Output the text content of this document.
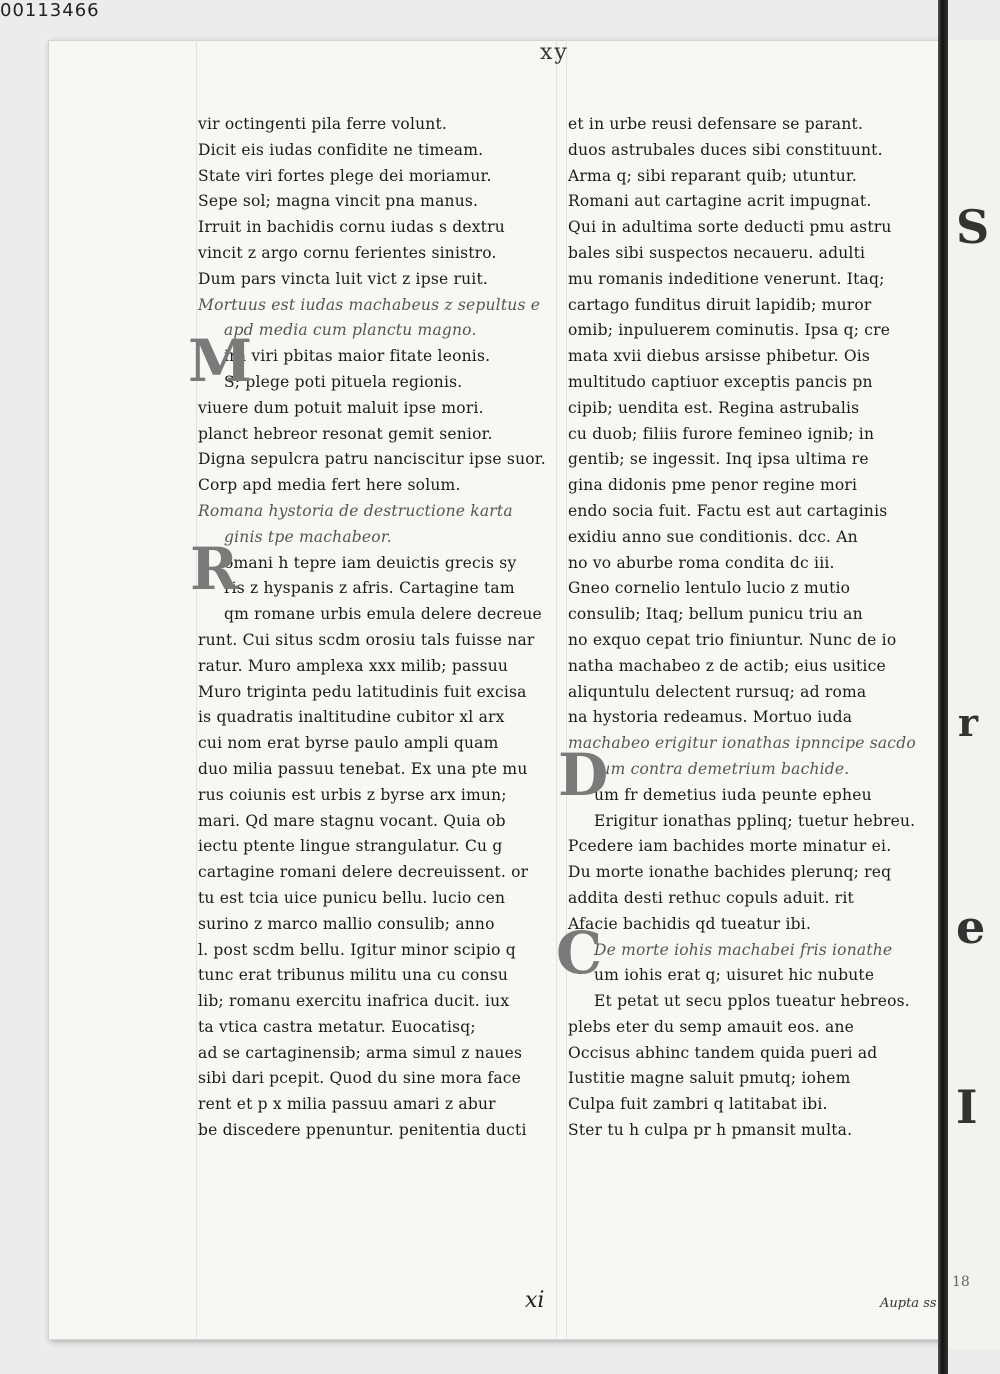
00113466
S
r
e
I
xy
xi	Aupta ss
18
vir octingenti pila ferre volunt.
Dicit eis iudas confidite ne timeam.
State viri fortes plege dei moriamur.
Sepe sol; magna vincit pna manus.
Irruit in bachidis cornu iudas s dextru
vincit z argo cornu ferientes sinistro.
Dum pars vincta luit vict z ipse ruit.
Mortuus est iudas machabeus z sepultus e
apd media cum planctu magno.
ira viri pbitas maior fitate leonis.
S; plege poti pituela regionis.
viuere dum potuit maluit ipse mori.
planct hebreor resonat gemit senior.
Digna sepulcra patru nanciscitur ipse suor.
Corp apd media fert here solum.
Romana hystoria de destructione karta
ginis tpe machabeor.
omani h tepre iam deuictis grecis sy
ris z hyspanis z afris. Cartagine tam
qm romane urbis emula delere decreue
runt. Cui situs scdm orosiu tals fuisse nar
ratur. Muro amplexa xxx milib; passuu
Muro triginta pedu latitudinis fuit excisa
is quadratis inaltitudine cubitor xl arx
cui nom erat byrse paulo ampli quam
duo milia passuu tenebat. Ex una pte mu
rus coiunis est urbis z byrse arx imun;
mari. Qd mare stagnu vocant. Quia ob
iectu ptente lingue strangulatur. Cu g
cartagine romani delere decreuissent. or
tu est tcia uice punicu bellu. lucio cen
surino z marco mallio consulib; anno
l. post scdm bellu. Igitur minor scipio q
tunc erat tribunus militu una cu consu
lib; romanu exercitu inafrica ducit. iux
ta vtica castra metatur. Euocatisq;
ad se cartaginensib; arma simul z naues
sibi dari pcepit. Quod du sine mora face
rent et p x milia passuu amari z abur
be discedere ppenuntur. penitentia ducti
et in urbe reusi defensare se parant.
duos astrubales duces sibi constituunt.
Arma q; sibi reparant quib; utuntur.
Romani aut cartagine acrit impugnat.
Qui in adultima sorte deducti pmu astru
bales sibi suspectos necaueru. adulti
mu romanis indeditione venerunt. Itaq;
cartago funditus diruit lapidib; muror
omib; inpuluerem cominutis. Ipsa q; cre
mata xvii diebus arsisse phibetur. Ois
multitudo captiuor exceptis pancis pn
cipib; uendita est. Regina astrubalis
cu duob; filiis furore femineo ignib; in
gentib; se ingessit. Inq ipsa ultima re
gina didonis pme penor regine mori
endo socia fuit. Factu est aut cartaginis
exidiu anno sue conditionis. dcc. An
no vo aburbe roma condita dc iii.
Gneo cornelio lentulo lucio z mutio
consulib; Itaq; bellum punicu triu an
no exquo cepat trio finiuntur. Nunc de io
natha machabeo z de actib; eius usitice
aliquntulu delectent rursuq; ad roma
na hystoria redeamus. Mortuo iuda
machabeo erigitur ionathas ipnncipe sacdo
tum contra demetrium bachide.
um fr demetius iuda peunte epheu
Erigitur ionathas pplinq; tuetur hebreu.
Pcedere iam bachides morte minatur ei.
Du morte ionathe bachides plerunq; req
addita desti rethuc copuls aduit. rit
Afacie bachidis qd tueatur ibi.
De morte iohis machabei fris ionathe
um iohis erat q; uisuret hic nubute
Et petat ut secu pplos tueatur hebreos.
plebs eter du semp amauit eos. ane
Occisus abhinc tandem quida pueri ad
Iustitie magne saluit pmutq; iohem
Culpa fuit zambri q latitabat ibi.
Ster tu h culpa pr h pmansit multa.
M
R
D
C
